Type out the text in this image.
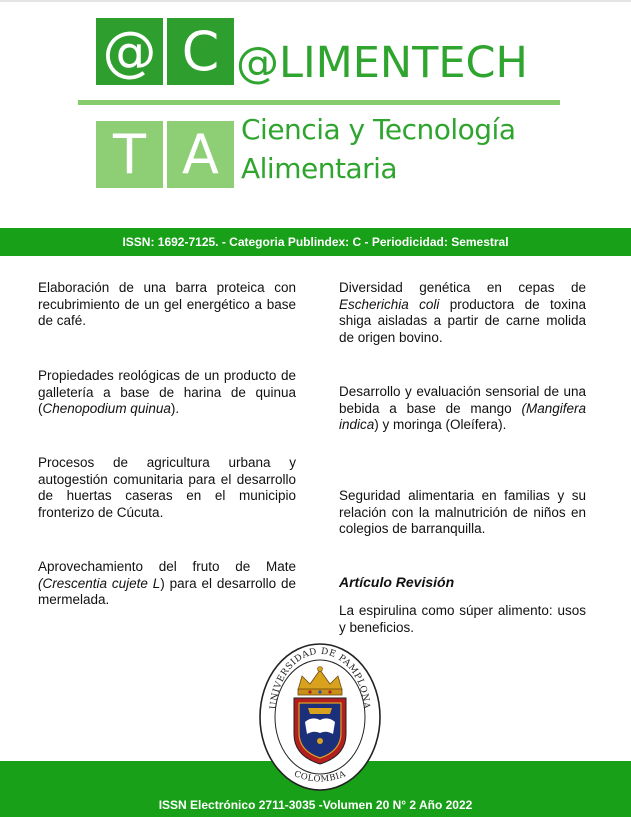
@ C @LIMENTECH
T A Ciencia y Tecnología
Alimentaria
ISSN: 1692-7125. - Categoria Publindex: C - Periodicidad: Semestral

Elaboración de una barra proteica con recubrimiento de un gel energético a base de café.

Propiedades reológicas de un producto de galletería a base de harina de quinua (Chenopodium quinua).

Procesos de agricultura urbana y autogestión comunitaria para el desarrollo de huertas caseras en el municipio fronterizo de Cúcuta.

Aprovechamiento del fruto de Mate (Crescentia cujete L) para el desarrollo de mermelada.

Diversidad genética en cepas de Escherichia coli productora de toxina shiga aisladas a partir de carne molida de origen bovino.

Desarrollo y evaluación sensorial de una bebida a base de mango (Mangifera indica) y moringa (Oleífera).

Seguridad alimentaria en familias y su relación con la malnutrición de niños en colegios de barranquilla.

Artículo Revisión
La espirulina como súper alimento: usos y beneficios.
UNIVERSIDAD DE PAMPLONA
COLOMBIA
ISSN Electrónico 2711-3035 -Volumen 20 N° 2 Año 2022
